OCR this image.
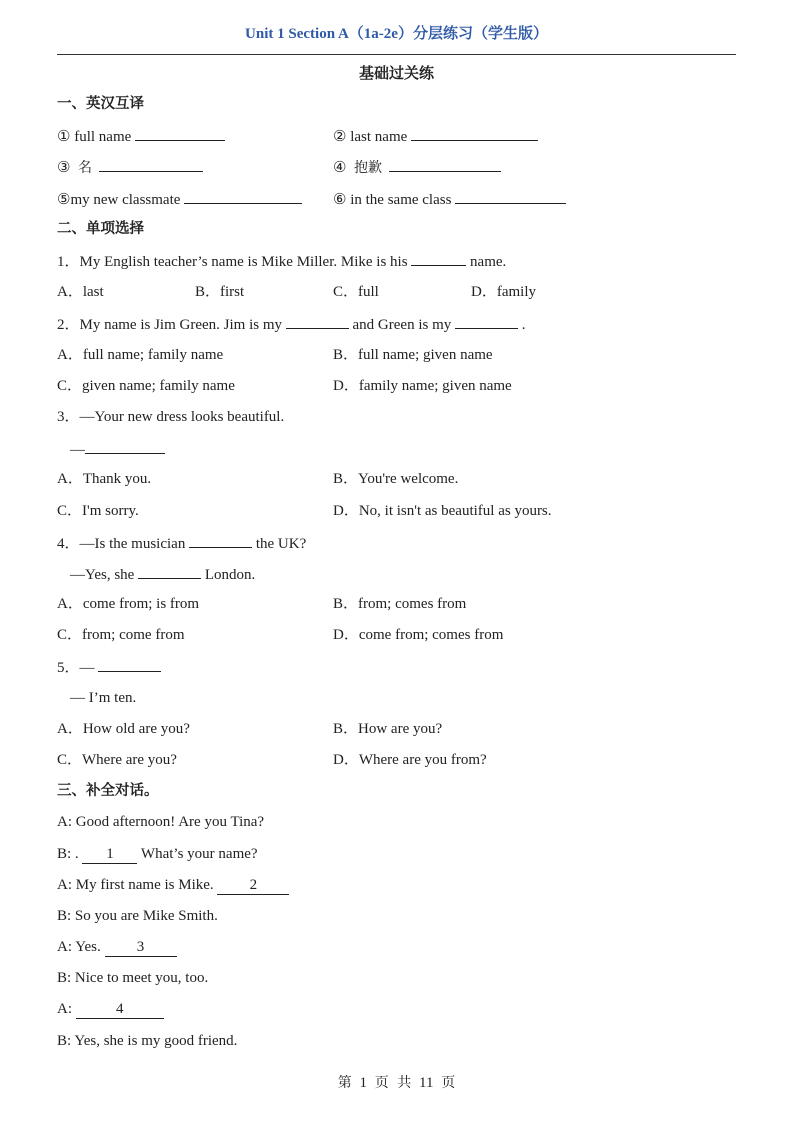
Unit 1 Section A（1a-2e）分层练习（学生版）
基础过关练
一、英汉互译
① full name	② last name
③ 名	④ 抱歉
⑤my new classmate	⑥ in the same class
二、单项选择
1．My English teacher’s name is Mike Miller. Mike is his	name.
A．last	B．first	C．full	D．family
2．My name is Jim Green. Jim is my	and Green is my	.
A．full name; family name	B．full name; given name
C．given name; family name	D．family name; given name
3．—Your new dress looks beautiful.
—
A．Thank you.	B．You're welcome.
C．I'm sorry.	D．No, it isn't as beautiful as yours.
4．—Is the musician	the UK?
—Yes, she	London.
A．come from; is from	B．from; comes from
C．from; come from	D．come from; comes from
5．—
— I’m ten.
A．How old are you?	B．How are you?
C．Where are you?	D．Where are you from?
三、补全对话。
A: Good afternoon! Are you Tina?
B: . 1 What’s your name?
A: My first name is Mike. 2
B: So you are Mike Smith.
A: Yes. 3
B: Nice to meet you, too.
A:	4
B: Yes, she is my good friend.
第 1 页 共 11 页
